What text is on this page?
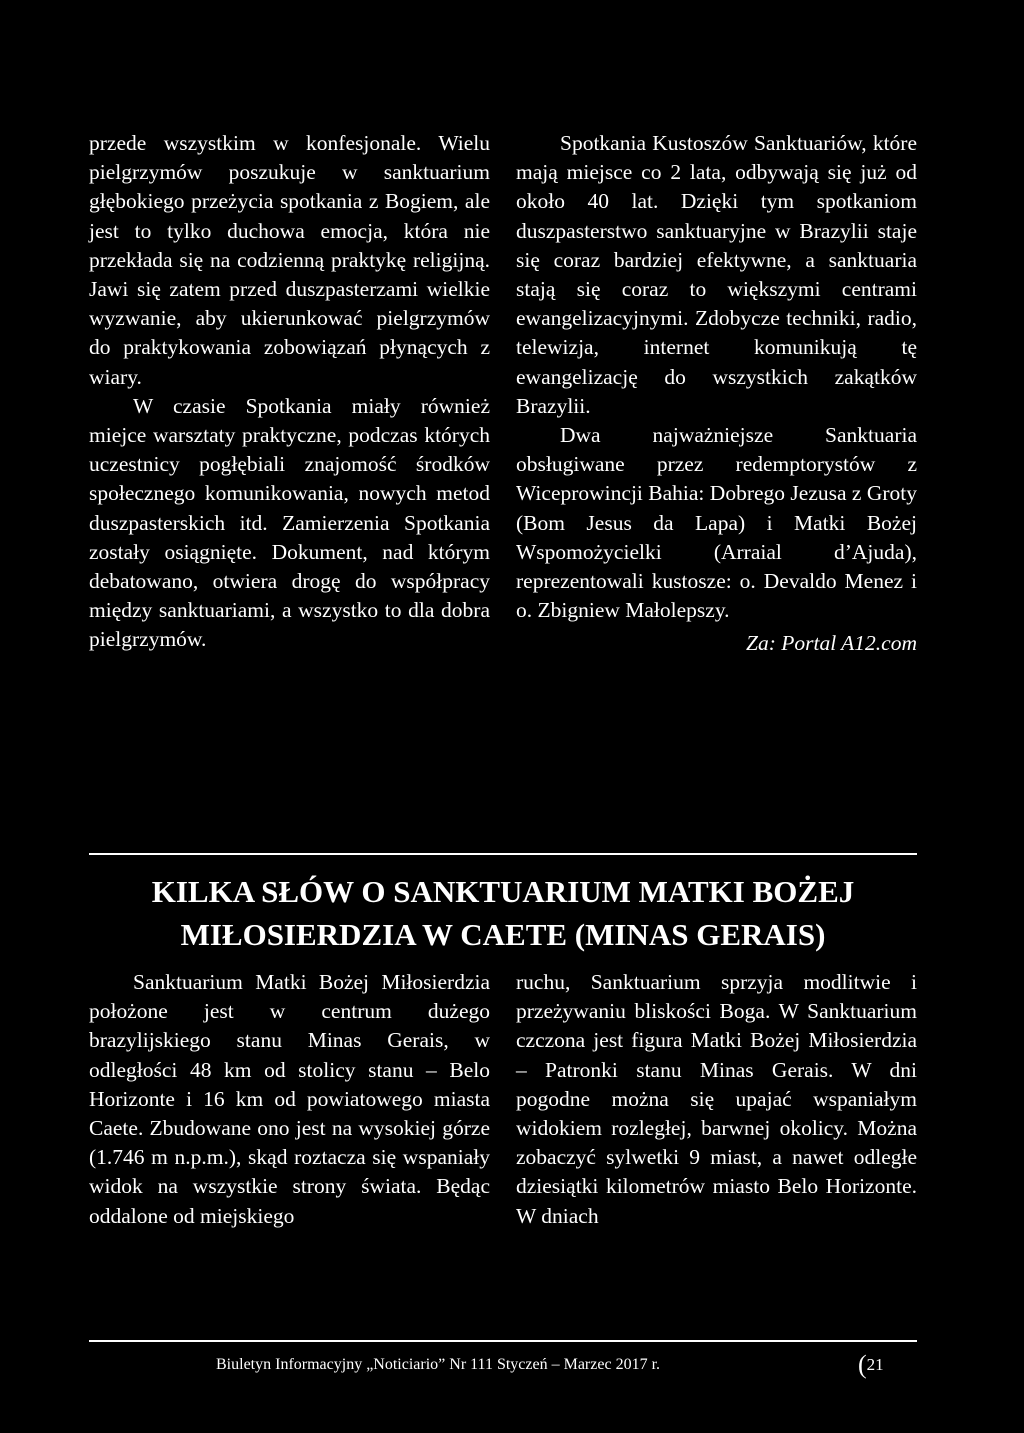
przede wszystkim w konfesjonale. Wielu pielgrzymów poszukuje w sanktuarium głębokiego przeżycia spotkania z Bogiem, ale jest to tylko duchowa emocja, która nie przekłada się na codzienną praktykę religijną. Jawi się zatem przed duszpasterzami wielkie wyzwanie, aby ukierunkować pielgrzymów do praktykowania zobowiązań płynących z wiary.

W czasie Spotkania miały również miejce warsztaty praktyczne, podczas których uczestnicy pogłębiali znajomość środków społecznego komunikowania, nowych metod duszpasterskich itd. Zamierzenia Spotkania zostały osiągnięte. Dokument, nad którym debatowano, otwiera drogę do współpracy między sanktuariami, a wszystko to dla dobra pielgrzymów.

Spotkania Kustoszów Sanktuariów, które mają miejsce co 2 lata, odbywają się już od około 40 lat. Dzięki tym spotkaniom duszpasterstwo sanktuaryjne w Brazylii staje się coraz bardziej efektywne, a sanktuaria stają się coraz to większymi centrami ewangelizacyjnymi. Zdobycze techniki, radio, telewizja, internet komunikują tę ewangelizację do wszystkich zakątków Brazylii.

Dwa najważniejsze Sanktuaria obsługiwane przez redemptorystów z Wiceprowincji Bahia: Dobrego Jezusa z Groty (Bom Jesus da Lapa) i Matki Bożej Wspomożycielki (Arraial d’Ajuda), reprezentowali kustosze: o. Devaldo Menez i o. Zbigniew Małolepszy.

Za: Portal A12.com

KILKA SŁÓW O SANKTUARIUM MATKI BOŻEJ
MIŁOSIERDZIA W CAETE (MINAS GERAIS)

Sanktuarium Matki Bożej Miłosierdzia położone jest w centrum dużego brazylijskiego stanu Minas Gerais, w odległości 48 km od stolicy stanu – Belo Horizonte i 16 km od powiatowego miasta Caete. Zbudowane ono jest na wysokiej górze (1.746 m n.p.m.), skąd roztacza się wspaniały widok na wszystkie strony świata. Będąc oddalone od miejskiego

ruchu, Sanktuarium sprzyja modlitwie i przeżywaniu bliskości Boga. W Sanktuarium czczona jest figura Matki Bożej Miłosierdzia – Patronki stanu Minas Gerais. W dni pogodne można się upajać wspaniałym widokiem rozległej, barwnej okolicy. Można zobaczyć sylwetki 9 miast, a nawet odległe dziesiątki kilometrów miasto Belo Horizonte. W dniach

Biuletyn Informacyjny „Noticiario” Nr 111 Styczeń – Marzec 2017 r.	(21
